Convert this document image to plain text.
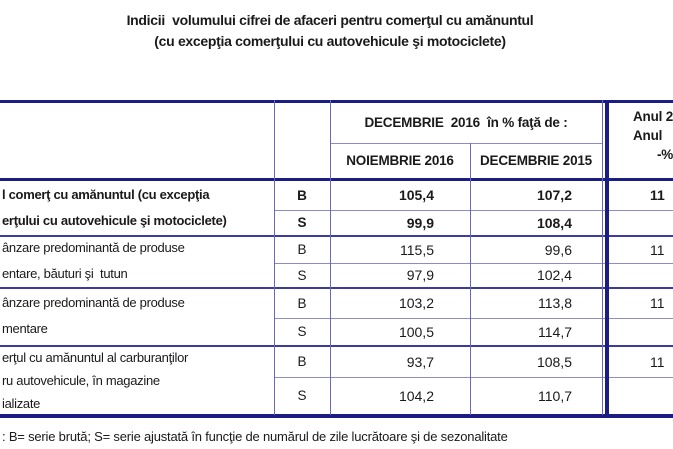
Indicii  volumului cifrei de afaceri pentru comerţul cu amănuntul
(cu excepţia comerţului cu autovehicule şi motociclete)
DECEMBRIE  2016  în % faţă de :
NOIEMBRIE 2016	DECEMBRIE 2015
Anul 2
Anul
-%
l comerţ cu amănuntul (cu excepţia
erţului cu autovehicule şi motociclete)
B	105,4	107,2	11
S	99,9	108,4
ânzare predominantă de produse
entare, băuturi şi  tutun
B	115,5	99,6	11
S	97,9	102,4
ânzare predominantă de produse
mentare
B	103,2	113,8	11
S	100,5	114,7
erţul cu amănuntul al carburanţilor
ru autovehicule, în magazine
ializate
B	93,7	108,5	11
S	104,2	110,7
: B= serie brută; S= serie ajustată în funcţie de numărul de zile lucrătoare şi de sezonalitate
